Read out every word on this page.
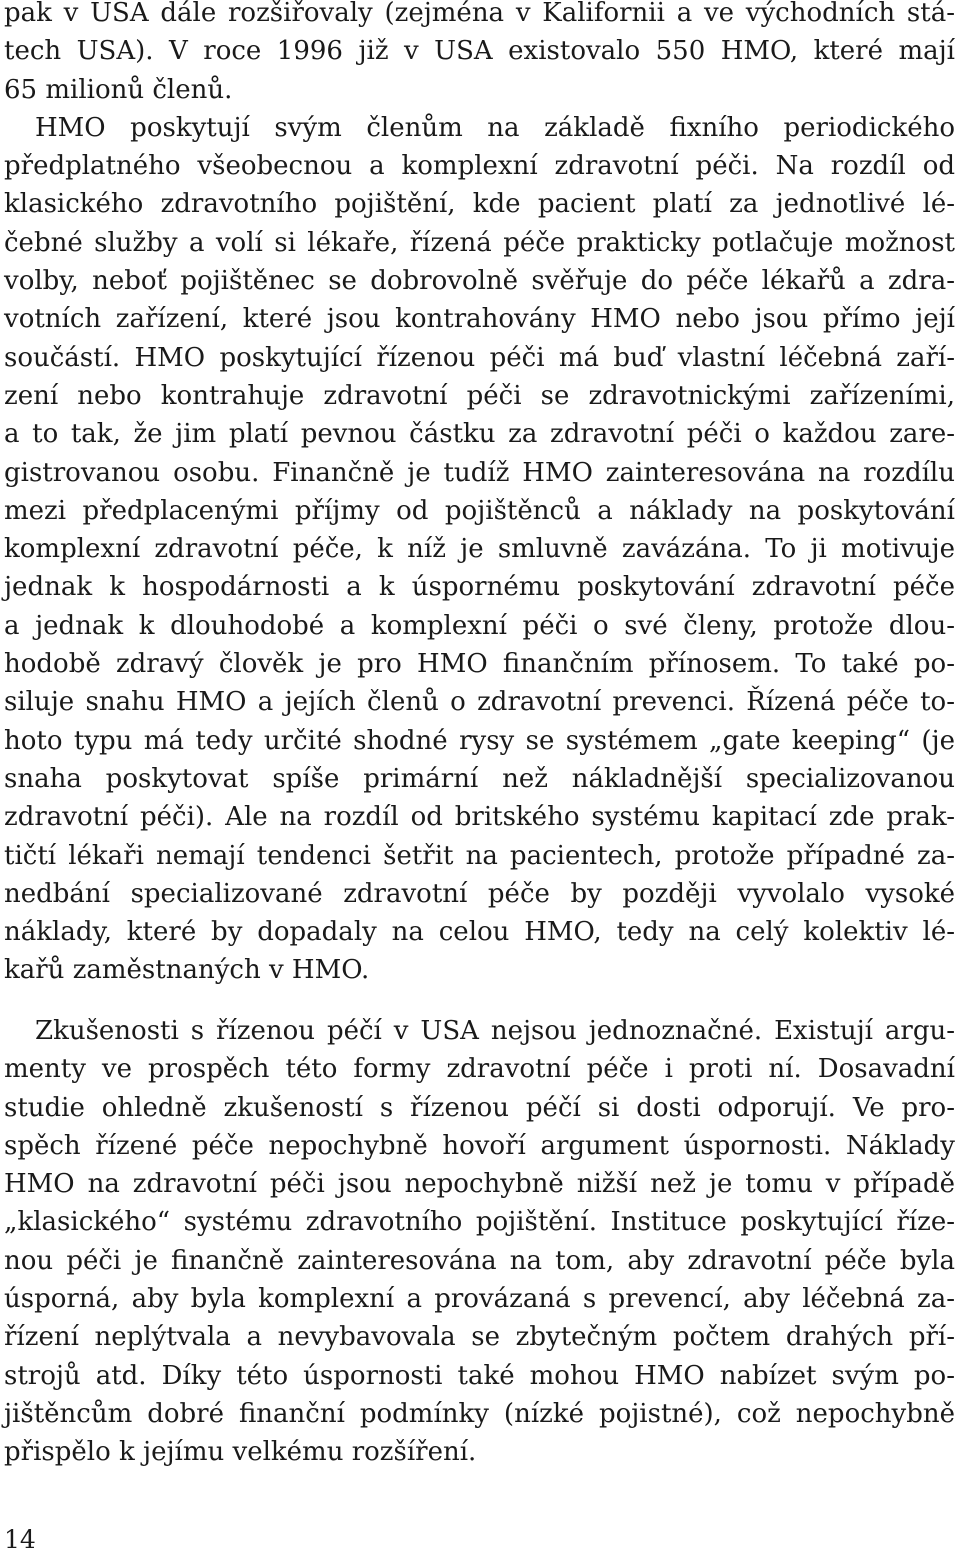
pak v USA dále rozšiřovaly (zejména v Kalifornii a ve východních stá-
tech USA). V roce 1996 již v USA existovalo 550 HMO, které mají
65 milionů členů.
HMO poskytují svým členům na základě fixního periodického
předplatného všeobecnou a komplexní zdravotní péči. Na rozdíl od
klasického zdravotního pojištění, kde pacient platí za jednotlivé lé-
čebné služby a volí si lékaře, řízená péče prakticky potlačuje možnost
volby, neboť pojištěnec se dobrovolně svěřuje do péče lékařů a zdra-
votních zařízení, které jsou kontrahovány HMO nebo jsou přímo její
součástí. HMO poskytující řízenou péči má buď vlastní léčebná zaří-
zení nebo kontrahuje zdravotní péči se zdravotnickými zařízeními,
a to tak, že jim platí pevnou částku za zdravotní péči o každou zare-
gistrovanou osobu. Finančně je tudíž HMO zainteresována na rozdílu
mezi předplacenými příjmy od pojištěnců a náklady na poskytování
komplexní zdravotní péče, k níž je smluvně zavázána. To ji motivuje
jednak k hospodárnosti a k úspornému poskytování zdravotní péče
a jednak k dlouhodobé a komplexní péči o své členy, protože dlou-
hodobě zdravý člověk je pro HMO finančním přínosem. To také po-
siluje snahu HMO a jejích členů o zdravotní prevenci. Řízená péče to-
hoto typu má tedy určité shodné rysy se systémem „gate keeping“ (je
snaha poskytovat spíše primární než nákladnější specializovanou
zdravotní péči). Ale na rozdíl od britského systému kapitací zde prak-
tičtí lékaři nemají tendenci šetřit na pacientech, protože případné za-
nedbání specializované zdravotní péče by později vyvolalo vysoké
náklady, které by dopadaly na celou HMO, tedy na celý kolektiv lé-
kařů zaměstnaných v HMO.
Zkušenosti s řízenou péčí v USA nejsou jednoznačné. Existují argu-
menty ve prospěch této formy zdravotní péče i proti ní. Dosavadní
studie ohledně zkušeností s řízenou péčí si dosti odporují. Ve pro-
spěch řízené péče nepochybně hovoří argument úspornosti. Náklady
HMO na zdravotní péči jsou nepochybně nižší než je tomu v případě
„klasického“ systému zdravotního pojištění. Instituce poskytující říze-
nou péči je finančně zainteresována na tom, aby zdravotní péče byla
úsporná, aby byla komplexní a provázaná s prevencí, aby léčebná za-
řízení neplýtvala a nevybavovala se zbytečným počtem drahých pří-
strojů atd. Díky této úspornosti také mohou HMO nabízet svým po-
jištěncům dobré finanční podmínky (nízké pojistné), což nepochybně
přispělo k jejímu velkému rozšíření.
14
